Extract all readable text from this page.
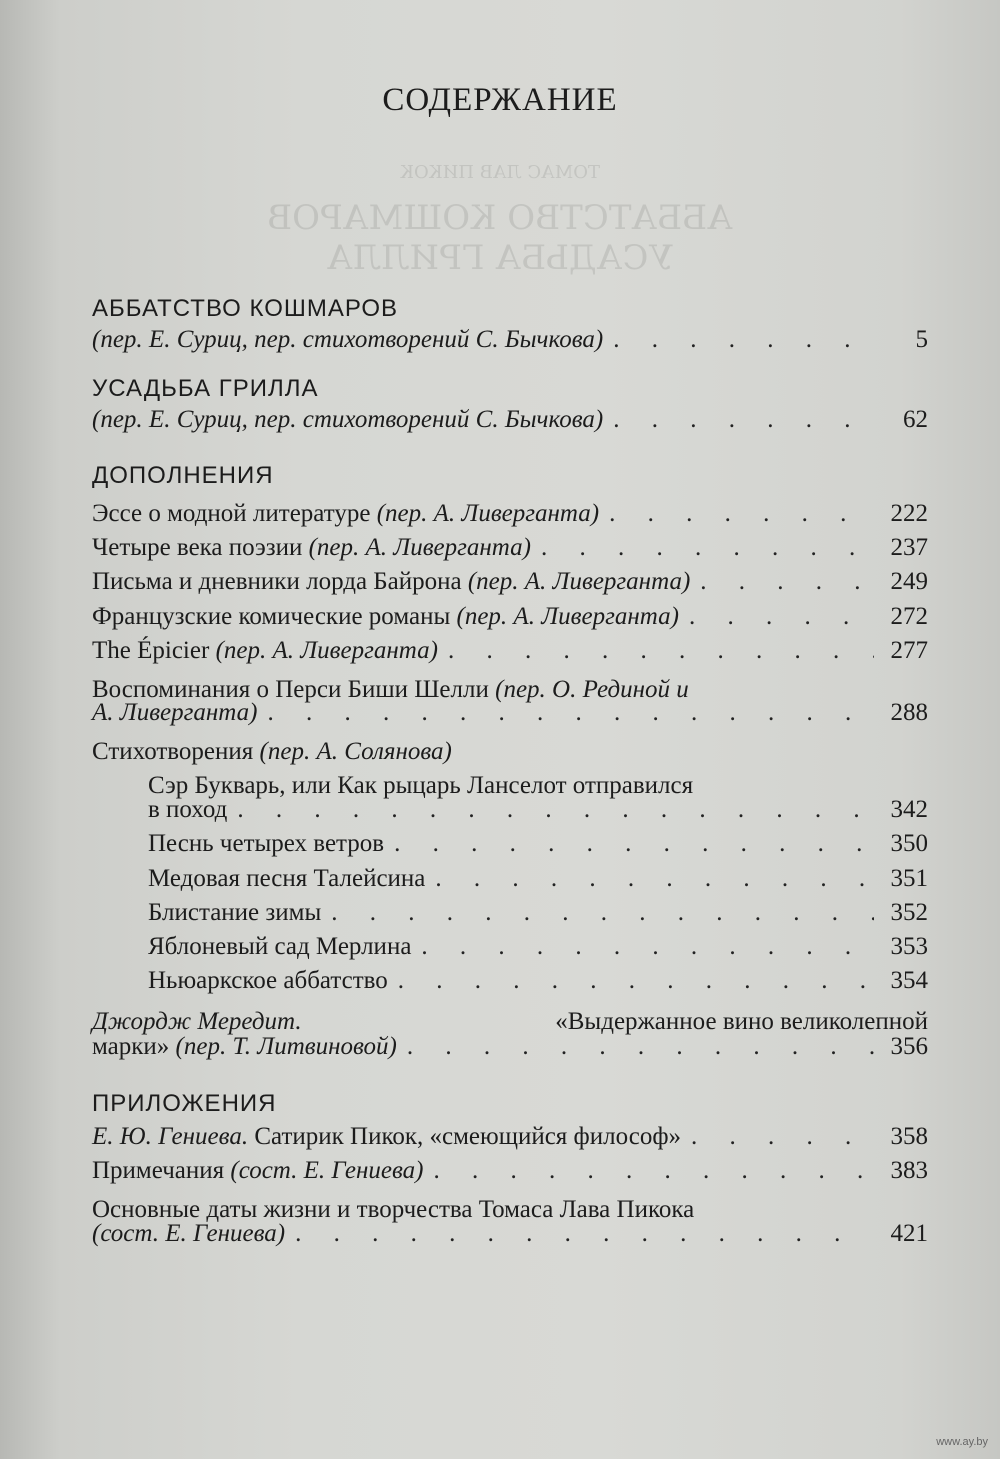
ТОМАС ЛАВ ПИКОК
АББАТСТВО КОШМАРОВ
УСАДЬБА ГРИЛЛА
СОДЕРЖАНИЕ
АББАТСТВО КОШМАРОВ
(пер. Е. Суриц, пер. стихотворений С. Бычкова) . . .	5
УСАДЬБА ГРИЛЛА
(пер. Е. Суриц, пер. стихотворений С. Бычкова) . . .	62
ДОПОЛНЕНИЯ
Эссе о модной литературе (пер. А. Ливерганта) . . .	222
Четыре века поэзии (пер. А. Ливерганта) . . .	237
Письма и дневники лорда Байрона (пер. А. Ливерганта) . . .	249
Французские комические романы (пер. А. Ливерганта) . . .	272
The Épicier (пер. А. Ливерганта) . . .	277
Воспоминания о Перси Биши Шелли (пер. О. Рединой и
А. Ливерганта) . . .	288
Стихотворения (пер. А. Солянова)
Сэр Букварь, или Как рыцарь Ланселот отправился
в поход . . .	342
Песнь четырех ветров . . .	350
Медовая песня Талейсина . . .	351
Блистание зимы . . .	352
Яблоневый сад Мерлина . . .	353
Ньюаркское аббатство . . .	354
Джордж Мередит.	«Выдержанное вино великолепной
марки» (пер. Т. Литвиновой) . . .	356
ПРИЛОЖЕНИЯ
Е. Ю. Гениева. Сатирик Пикок, «смеющийся философ» . . .	358
Примечания (сост. Е. Гениева) . . .	383
Основные даты жизни и творчества Томаса Лава Пикока
(сост. Е. Гениева) . . .	421
www.ay.by
